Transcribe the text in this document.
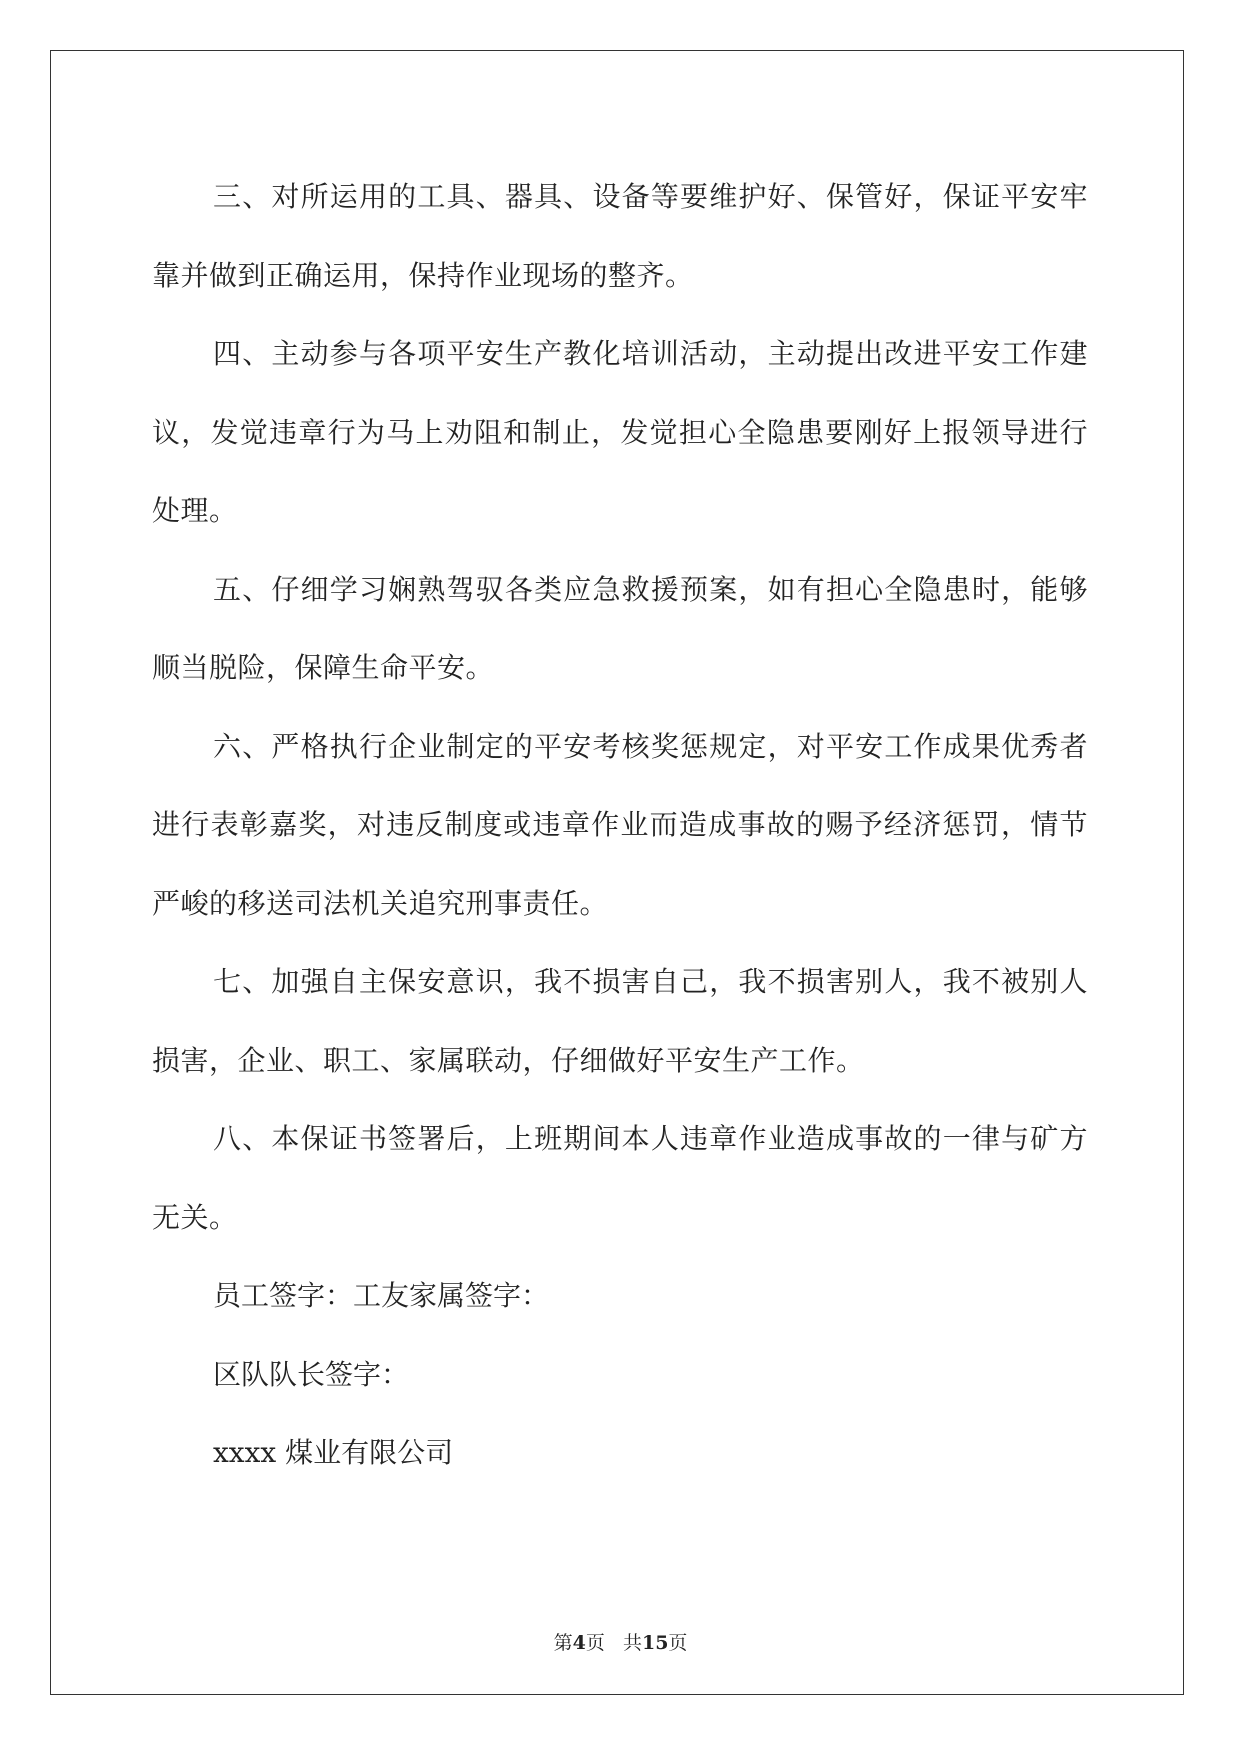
三、对所运用的工具、器具、设备等要维护好、保管好，保证平安牢靠并做到正确运用，保持作业现场的整齐。

四、主动参与各项平安生产教化培训活动，主动提出改进平安工作建议，发觉违章行为马上劝阻和制止，发觉担心全隐患要刚好上报领导进行处理。

五、仔细学习娴熟驾驭各类应急救援预案，如有担心全隐患时，能够顺当脱险，保障生命平安。

六、严格执行企业制定的平安考核奖惩规定，对平安工作成果优秀者进行表彰嘉奖，对违反制度或违章作业而造成事故的赐予经济惩罚，情节严峻的移送司法机关追究刑事责任。

七、加强自主保安意识，我不损害自己，我不损害别人，我不被别人损害，企业、职工、家属联动，仔细做好平安生产工作。

八、本保证书签署后，上班期间本人违章作业造成事故的一律与矿方无关。

员工签字：工友家属签字：

区队队长签字：

xxxx 煤业有限公司

第4页 共15页
